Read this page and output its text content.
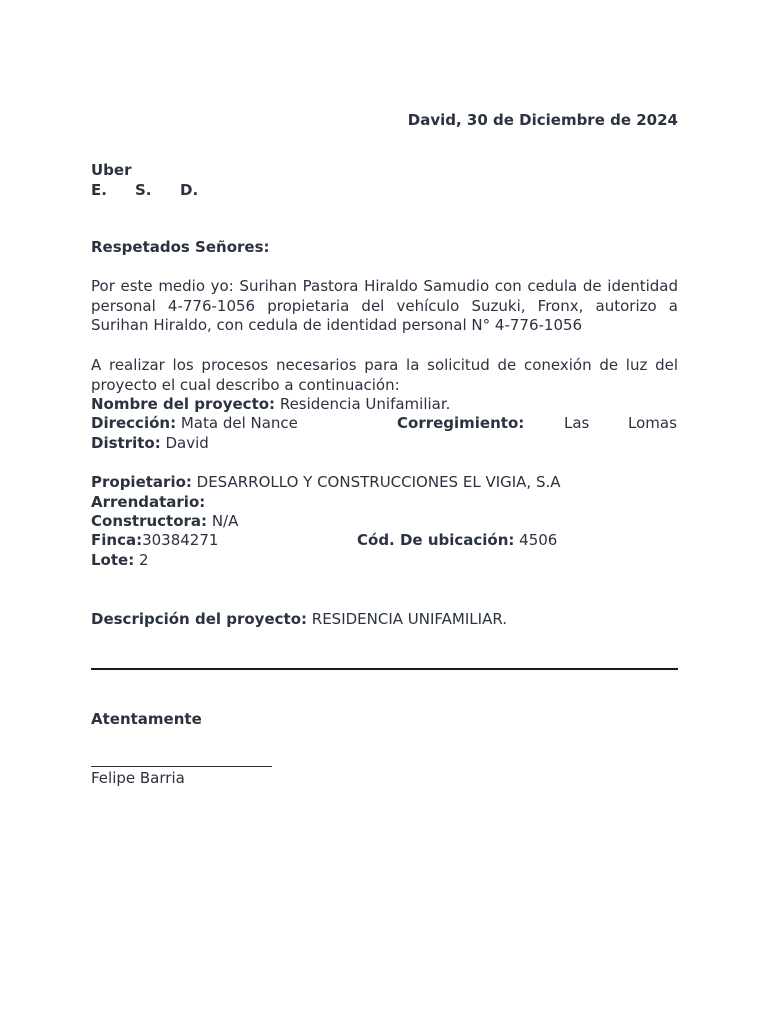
David, 30 de Diciembre de 2024
Uber
E. S. D.
Respetados Señores:
Por este medio yo: Surihan Pastora Hiraldo Samudio con cedula de identidad personal 4-776-1056 propietaria del vehículo Suzuki, Fronx, autorizo a Surihan Hiraldo, con cedula de identidad personal N° 4-776-1056
A realizar los procesos necesarios para la solicitud de conexión de luz del proyecto el cual describo a continuación:
Nombre del proyecto: Residencia Unifamiliar.
Dirección: Mata del Nance	Corregimiento:	Las	Lomas
Distrito: David
Propietario: DESARROLLO Y CONSTRUCCIONES EL VIGIA, S.A
Arrendatario:
Constructora: N/A
Finca:30384271	Cód. De ubicación: 4506
Lote: 2
Descripción del proyecto: RESIDENCIA UNIFAMILIAR.
Atentamente
Felipe Barria
